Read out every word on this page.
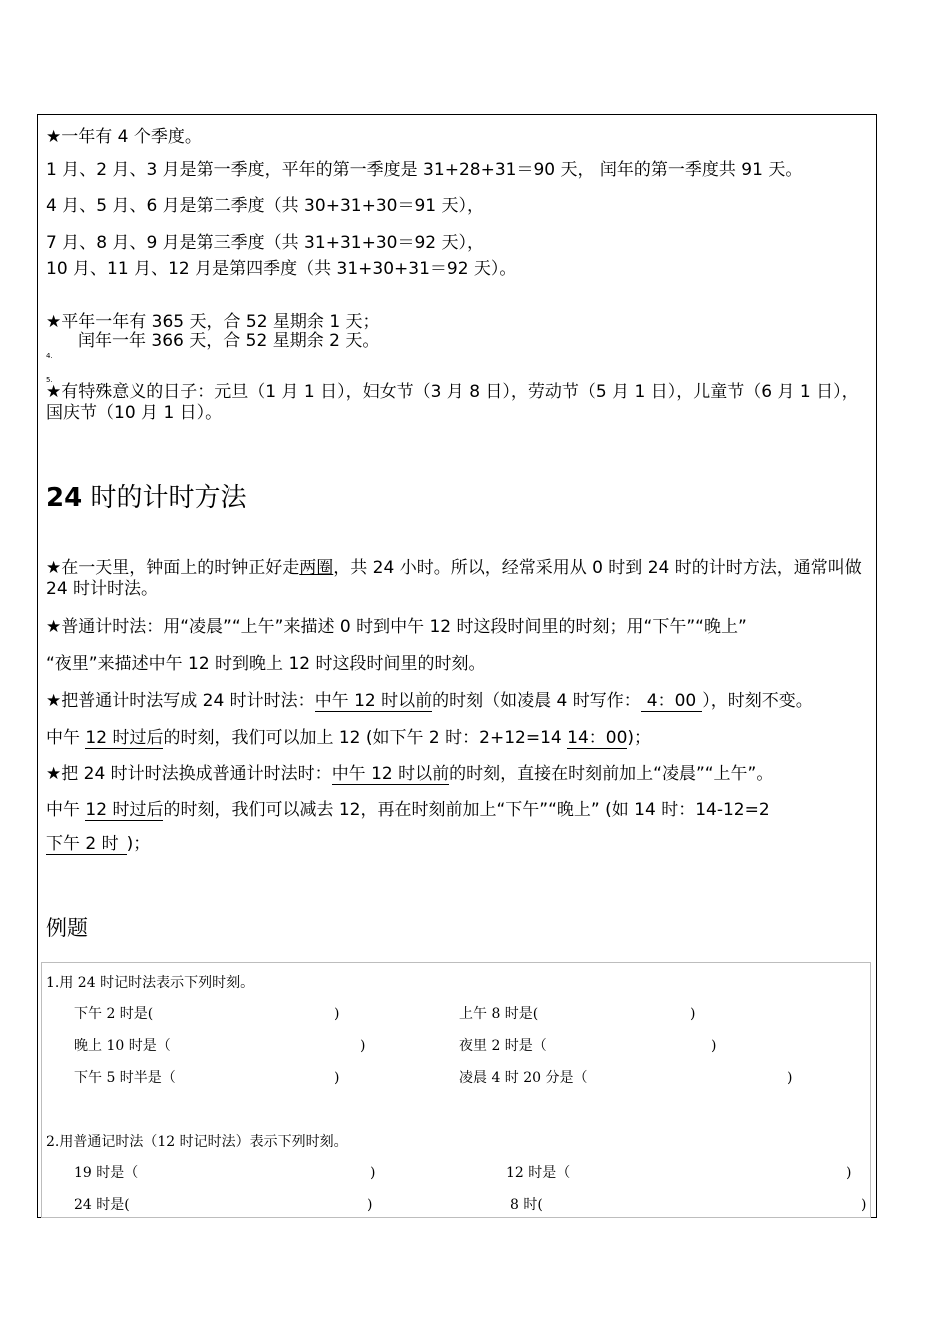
★一年有 4 个季度。
1 月、2 月、3 月是第一季度，平年的第一季度是 31+28+31＝90 天， 闰年的第一季度共 91 天。
4 月、5 月、6 月是第二季度（共 30+31+30＝91 天），
7 月、8 月、9 月是第三季度（共 31+31+30＝92 天），
10 月、11 月、12 月是第四季度（共 31+30+31＝92 天）。
★平年一年有 365 天，合 52 星期余 1 天；
闰年一年 366 天，合 52 星期余 2 天。
4.
5.
★有特殊意义的日子：元旦（1 月 1 日），妇女节（3 月 8 日），劳动节（5 月 1 日），儿童节（6 月 1 日），国庆节（10 月 1 日）。
24 时的计时方法
★在一天里，钟面上的时钟正好走两圈，共 24 小时。所以，经常采用从 0 时到 24 时的计时方法，通常叫做 24 时计时法。
★普通计时法：用“凌晨”“上午”来描述 0 时到中午 12 时这段时间里的时刻；用“下午”“晚上”
“夜里”来描述中午 12 时到晚上 12 时这段时间里的时刻。
★把普通计时法写成 24 时计时法：中午 12 时以前的时刻（如凌晨 4 时写作：4：00 ），时刻不变。
中午 12 时过后的时刻，我们可以加上 12 (如下午 2 时：2+12=14 14：00)；
★把 24 时计时法换成普通计时法时：中午 12 时以前的时刻，直接在时刻前加上“凌晨”“上午”。
中午 12 时过后的时刻，我们可以减去 12，再在时刻前加上“下午”“晚上” (如 14 时：14-12=2
下午 2 时 )；
例题
1.用 24 时记时法表示下列时刻。
下午 2 时是(	)	上午 8 时是(	)
晚上 10 时是（	)	夜里 2 时是（	)
下午 5 时半是（	)	凌晨 4 时 20 分是（	)
2.用普通记时法（12 时记时法）表示下列时刻。
19 时是（	)	12 时是（	)
24 时是(	)	8 时(	)
